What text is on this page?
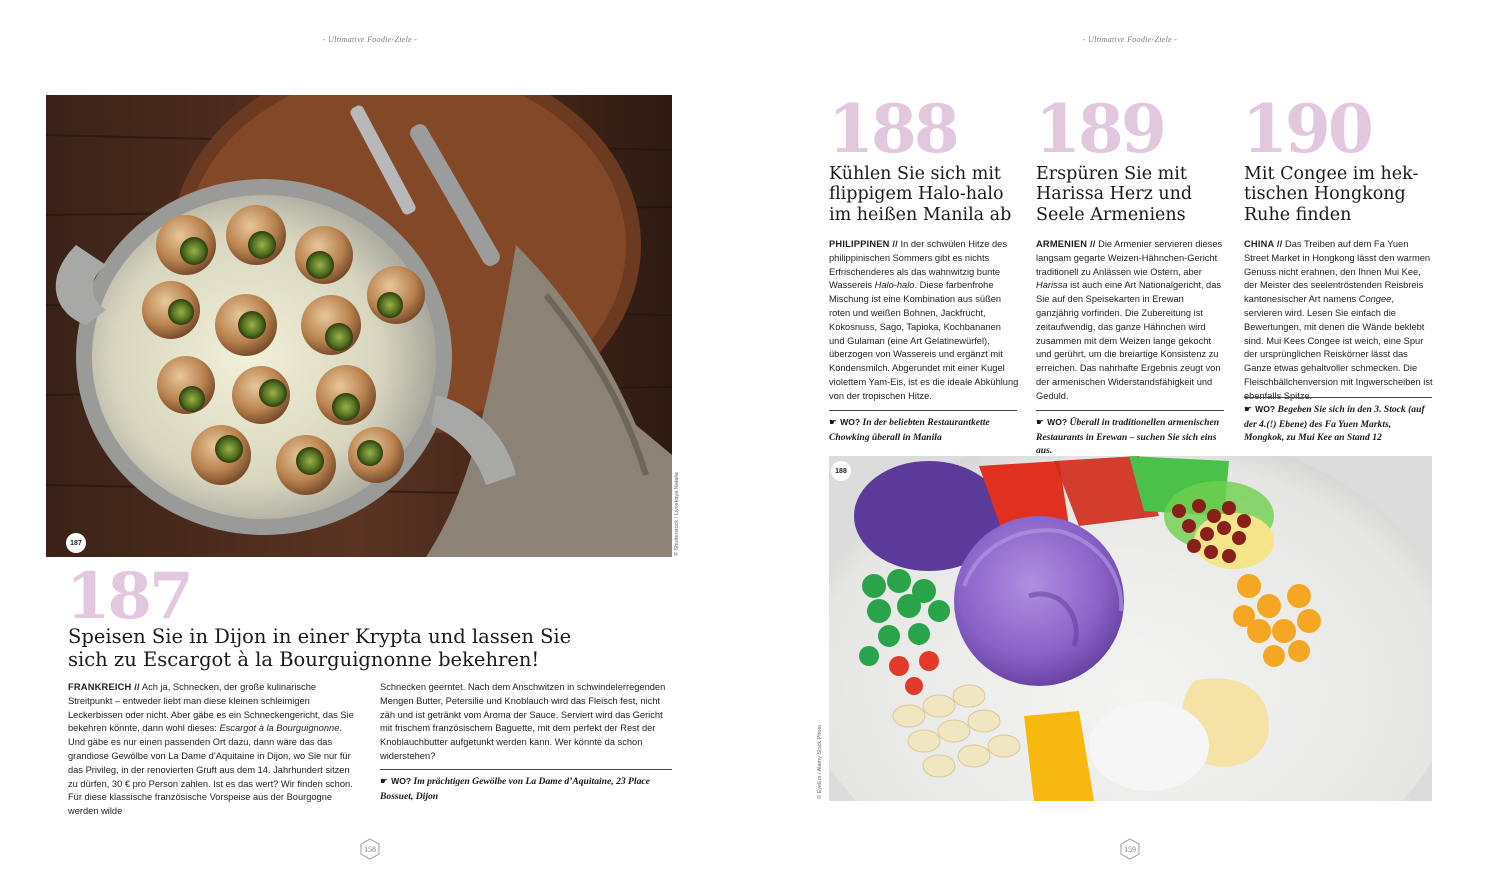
- Ultimative Foodie-Ziele -
187	© Shutterstock / Liyoskaya Natalia
187
Speisen Sie in Dijon in einer Krypta und lassen Sie
sich zu Escargot à la Bourguignonne bekehren!
FRANKREICH // Ach ja, Schnecken, der große kulinarische Streitpunkt – entweder liebt man diese kleinen schleimigen Leckerbissen oder nicht. Aber gäbe es ein Schneckengericht, das Sie bekehren könnte, dann wohl dieses: Escargot à la Bourguignonne. Und gäbe es nur einen passenden Ort dazu, dann wäre das das grandiose Gewölbe von La Dame d’Aquitaine in Dijon, wo Sie nur für das Privileg, in der renovierten Gruft aus dem 14. Jahrhundert sitzen zu dürfen, 30 € pro Person zahlen. Ist es das wert? Wir finden schon. Für diese klassische französische Vorspeise aus der Bourgogne werden wilde
Schnecken geerntet. Nach dem Anschwitzen in schwindelerregenden Mengen Butter, Petersilie und Knoblauch wird das Fleisch fest, nicht zäh und ist getränkt vom Aroma der Sauce. Serviert wird das Gericht mit frischem französischem Baguette, mit dem perfekt der Rest der Knoblauchbutter aufgetunkt werden kann. Wer könnte da schon widerstehen?
☛ WO? Im prächtigen Gewölbe von La Dame d’Aquitaine, 23 Place Bossuet, Dijon
158
- Ultimative Foodie-Ziele -
188
Kühlen Sie sich mit
flippigem Halo-halo
im heißen Manila ab
PHILIPPINEN // In der schwülen Hitze des philippinischen Sommers gibt es nichts Erfrischenderes als das wahnwitzig bunte Wassereis Halo-halo. Diese farbenfrohe Mischung ist eine Kombination aus süßen roten und weißen Bohnen, Jackfrucht, Kokosnuss, Sago, Tapioka, Kochbananen und Gulaman (eine Art Gelatinewürfel), überzogen von Wassereis und ergänzt mit Kondensmilch. Abgerundet mit einer Kugel violettem Yam-Eis, ist es die ideale Abkühlung von der tropischen Hitze.
☛ WO? In der beliebten Restaurantkette Chowking überall in Manila
189
Erspüren Sie mit
Harissa Herz und
Seele Armeniens
ARMENIEN // Die Armenier servieren dieses langsam gegarte Weizen-Hähnchen-Gericht traditionell zu Anlässen wie Ostern, aber Harissa ist auch eine Art Nationalgericht, das Sie auf den Speisekarten in Erewan ganzjährig vorfinden. Die Zubereitung ist zeitaufwendig, das ganze Hähnchen wird zusammen mit dem Weizen lange gekocht und gerührt, um die breiartige Konsistenz zu erreichen. Das nahrhafte Ergebnis zeugt von der armenischen Widerstandsfähigkeit und Geduld.
☛ WO? Überall in traditionellen armenischen Restaurants in Erewan – suchen Sie sich eins aus.
190
Mit Congee im hek-
tischen Hongkong
Ruhe finden
CHINA // Das Treiben auf dem Fa Yuen Street Market in Hongkong lässt den warmen Genuss nicht erahnen, den Ihnen Mui Kee, der Meister des seelentröstenden Reisbreis kantonesischer Art namens Congee, servieren wird. Lesen Sie einfach die Bewertungen, mit denen die Wände beklebt sind. Mui Kees Congee ist weich, eine Spur der ursprünglichen Reiskörner lässt das Ganze etwas gehaltvoller schmecken. Die Fleischbällchenversion mit Ingwerscheiben ist ebenfalls Spitze.
☛ WO? Begeben Sie sich in den 3. Stock (auf der 4.(!) Ebene) des Fa Yuen Markts, Mongkok, zu Mui Kee an Stand 12
188
© EyeEm / Alamy Stock Photo
159
